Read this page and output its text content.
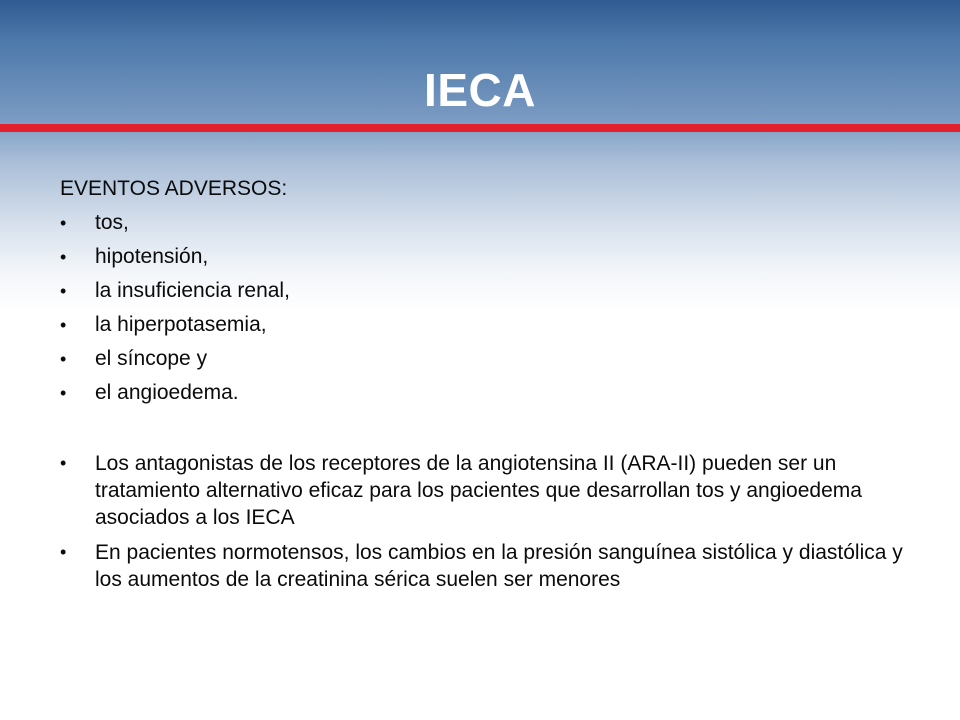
IECA
EVENTOS ADVERSOS:
•	tos,
•	hipotensión,
•	la insuficiencia renal,
•	la hiperpotasemia,
•	el síncope y
•	el angioedema.
•	Los antagonistas de los receptores de la angiotensina II (ARA-II) pueden ser un tratamiento alternativo eficaz para los pacientes que desarrollan tos y angioedema asociados a los IECA
•	En pacientes normotensos, los cambios en la presión sanguínea sistólica y diastólica y los aumentos de la creatinina sérica suelen ser menores
